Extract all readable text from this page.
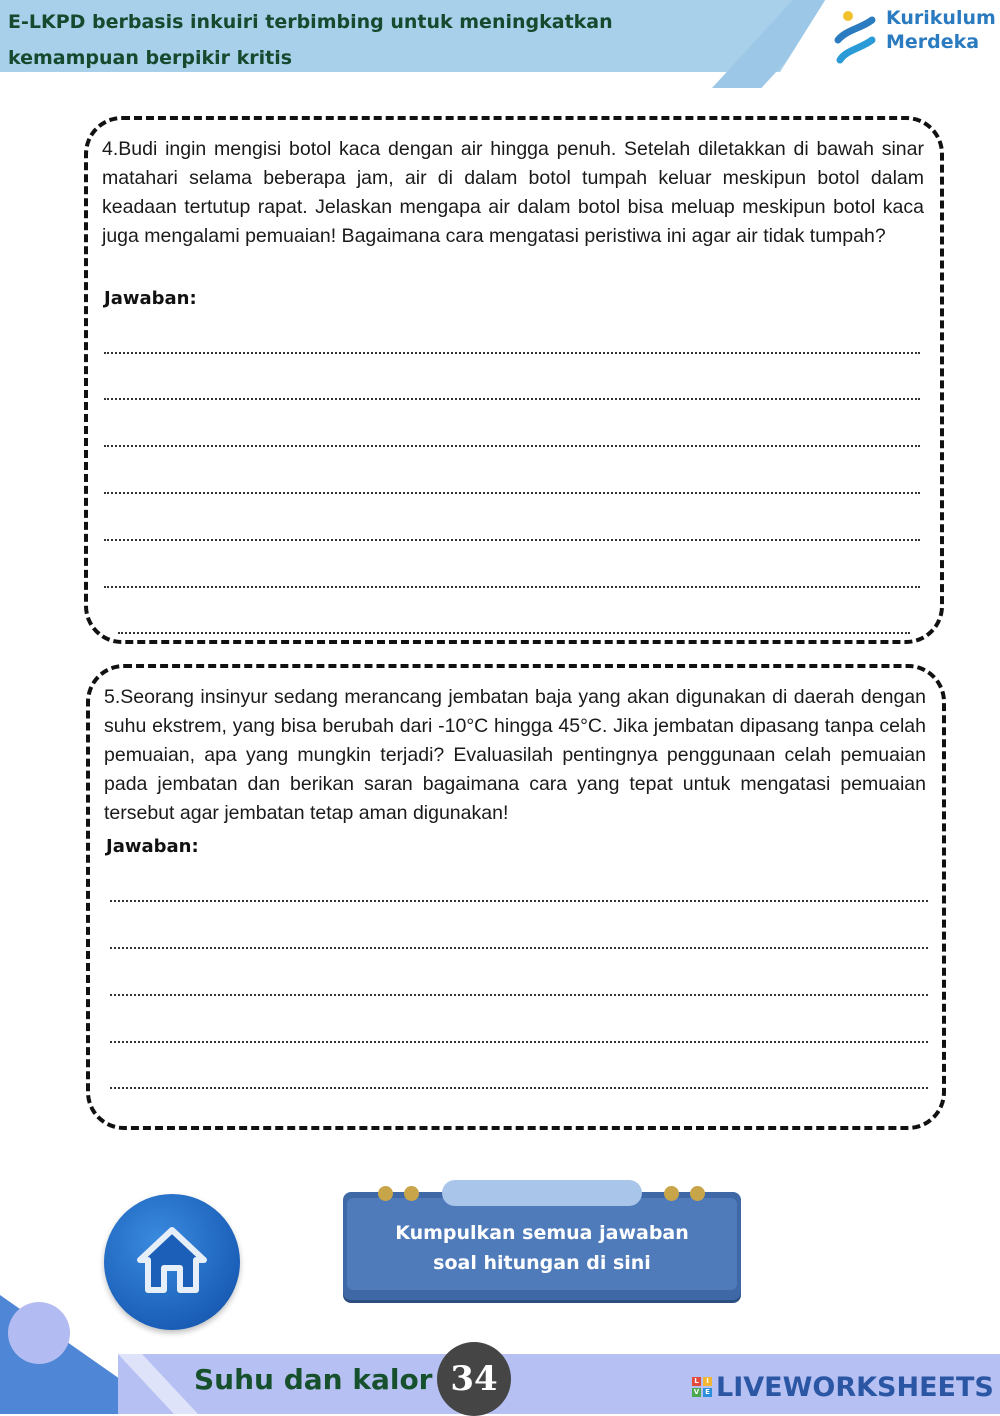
E-LKPD berbasis inkuiri terbimbing untuk meningkatkan kemampuan berpikir kritis
Kurikulum
Merdeka
4.Budi ingin mengisi botol kaca dengan air hingga penuh. Setelah diletakkan di bawah sinar matahari selama beberapa jam, air di dalam botol tumpah keluar meskipun botol dalam keadaan tertutup rapat. Jelaskan mengapa air dalam botol bisa meluap meskipun botol kaca juga mengalami pemuaian! Bagaimana cara mengatasi peristiwa ini agar air tidak tumpah?
Jawaban:
5.Seorang insinyur sedang merancang jembatan baja yang akan digunakan di daerah dengan suhu ekstrem, yang bisa berubah dari -10°C hingga 45°C. Jika jembatan dipasang tanpa celah pemuaian, apa yang mungkin terjadi? Evaluasilah pentingnya penggunaan celah pemuaian pada jembatan dan berikan saran bagaimana cara yang tepat untuk mengatasi pemuaian tersebut agar jembatan tetap aman digunakan!
Jawaban:
Kumpulkan semua jawaban
soal hitungan di sini
Suhu dan kalor 34	L	I
V E LIVEWORKSHEETS
